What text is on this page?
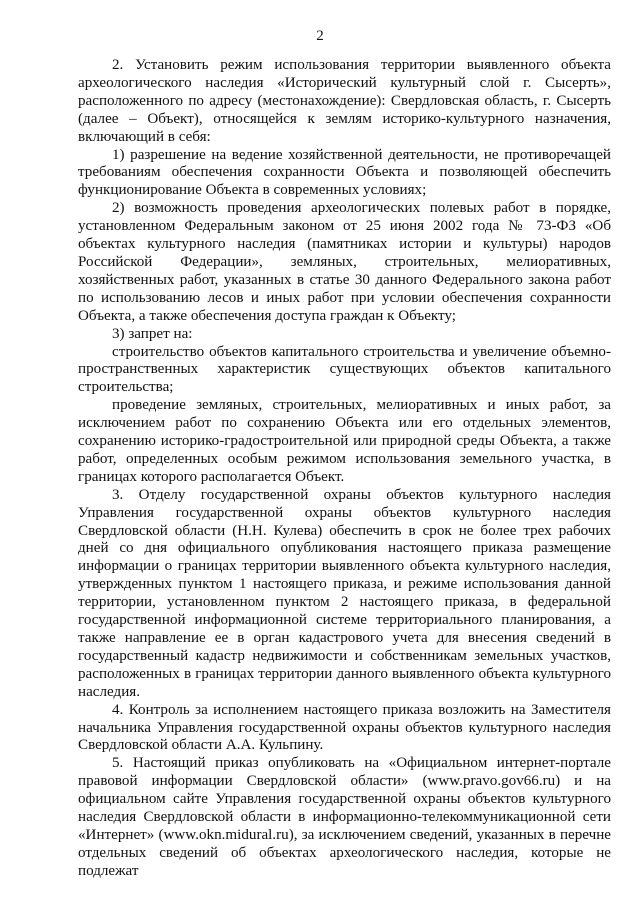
2

2. Установить режим использования территории выявленного объекта археологического наследия «Исторический культурный слой г. Сысерть», расположенного по адресу (местонахождение): Свердловская область, г. Сысерть (далее – Объект), относящейся к землям историко-культурного назначения, включающий в себя:

1) разрешение на ведение хозяйственной деятельности, не противоречащей требованиям обеспечения сохранности Объекта и позволяющей обеспечить функционирование Объекта в современных условиях;

2) возможность проведения археологических полевых работ в порядке, установленном Федеральным законом от 25 июня 2002 года № 73-ФЗ «Об объектах культурного наследия (памятниках истории и культуры) народов Российской Федерации», земляных, строительных, мелиоративных, хозяйственных работ, указанных в статье 30 данного Федерального закона работ по использованию лесов и иных работ при условии обеспечения сохранности Объекта, а также обеспечения доступа граждан к Объекту;

3) запрет на:

строительство объектов капитального строительства и увеличение объемно-пространственных характеристик существующих объектов капитального строительства;

проведение земляных, строительных, мелиоративных и иных работ, за исключением работ по сохранению Объекта или его отдельных элементов, сохранению историко-градостроительной или природной среды Объекта, а также работ, определенных особым режимом использования земельного участка, в границах которого располагается Объект.

3. Отделу государственной охраны объектов культурного наследия Управления государственной охраны объектов культурного наследия Свердловской области (Н.Н. Кулева) обеспечить в срок не более трех рабочих дней со дня официального опубликования настоящего приказа размещение информации о границах территории выявленного объекта культурного наследия, утвержденных пунктом 1 настоящего приказа, и режиме использования данной территории, установленном пунктом 2 настоящего приказа, в федеральной государственной информационной системе территориального планирования, а также направление ее в орган кадастрового учета для внесения сведений в государственный кадастр недвижимости и собственникам земельных участков, расположенных в границах территории данного выявленного объекта культурного наследия.

4. Контроль за исполнением настоящего приказа возложить на Заместителя начальника Управления государственной охраны объектов культурного наследия Свердловской области А.А. Кульпину.

5. Настоящий приказ опубликовать на «Официальном интернет-портале правовой информации Свердловской области» (www.pravo.gov66.ru) и на официальном сайте Управления государственной охраны объектов культурного наследия Свердловской области в информационно-телекоммуникационной сети «Интернет» (www.okn.midural.ru), за исключением сведений, указанных в перечне отдельных сведений об объектах археологического наследия, которые не подлежат
